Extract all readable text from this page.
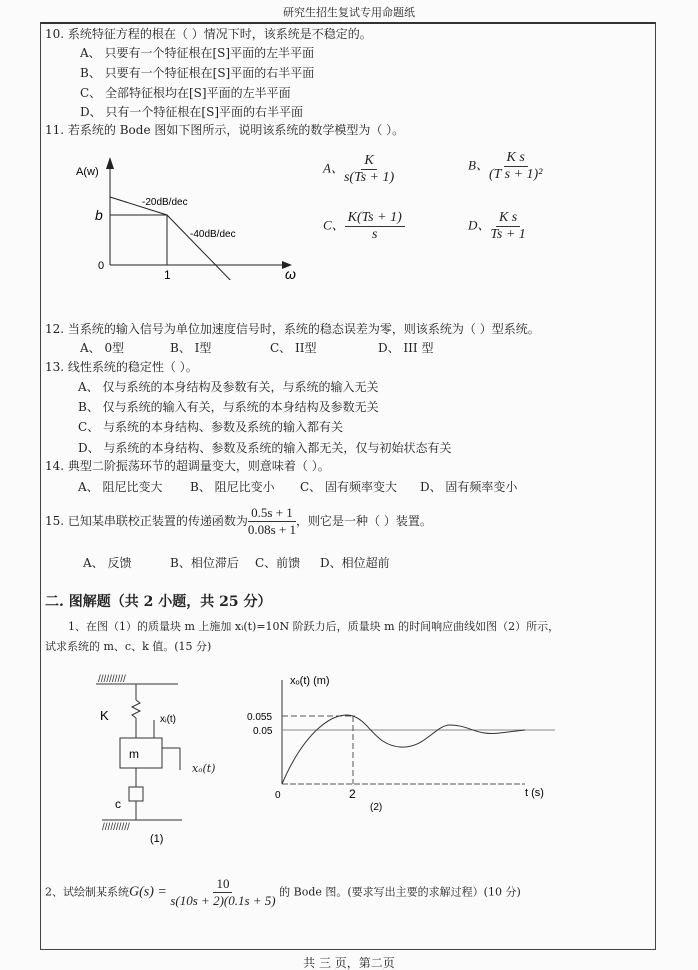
研究生招生复试专用命题纸
10. 系统特征方程的根在（ ）情况下时，该系统是不稳定的。
A、 只要有一个特征根在[S]平面的左半平面
B、 只要有一个特征根在[S]平面的右半平面
C、 全部特征根均在[S]平面的左半平面
D、 只有一个特征根在[S]平面的右半平面
11. 若系统的 Bode 图如下图所示，说明该系统的数学模型为（ ）。
A(w)
-20dB/dec
-40dB/dec
b
0
1	ω
A、 $\frac{K}{s(Ts + 1)}$	B、 $\frac{\text{K s}}{\text{(T s + 1)²}}$
C、 $\frac{K(Ts + 1)}{s}$	D、 $\frac{\text{K s}}{Ts + 1}$
12. 当系统的输入信号为单位加速度信号时，系统的稳态误差为零，则该系统为（ ）型系统。
A、 0型	B、 I型	C、 II型	D、 III 型
13. 线性系统的稳定性（ ）。
A、 仅与系统的本身结构及参数有关，与系统的输入无关
B、 仅与系统的输入有关，与系统的本身结构及参数无关
C、 与系统的本身结构、参数及系统的输入都有关
D、 与系统的本身结构、参数及系统的输入都无关，仅与初始状态有关
14. 典型二阶振荡环节的超调量变大，则意味着（ ）。
A、 阻尼比变大 B、 阻尼比变小 C、 固有频率变大 D、 固有频率变小
15. 已知某串联校正装置的传递函数为 $\frac{0.5s + 1}{0.08s + 1}$ ，则它是一种（ ）装置。
A、 反馈	B、相位滞后 C、前馈 D、相位超前
二. 图解题（共 2 小题，共 25 分）
1、在图（1）的质量块 m 上施加 xᵢ(t)=10N 阶跃力后，质量块 m 的时间响应曲线如图（2）所示，
试求系统的 m、c、k 值。(15 分)
//////////
//////////
K
m
c
xᵢ(t)
(1)
xₒ(t)
xₒ(t) (m)
0.055
0.05
2
0	t (s)
(2)
2、试绘制某系统$G(s) = \frac{10}{s(10s + 2)(0.1s + 5)}$ 的 Bode 图。(要求写出主要的求解过程）(10 分)
共 三 页，第二页
